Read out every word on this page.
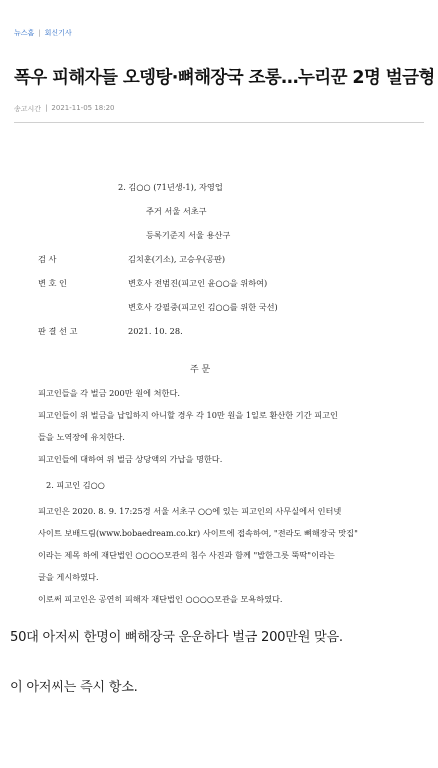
뉴스홈 | 회신기사
폭우 피해자들 오뎅탕·뼈해장국 조롱…누리꾼 2명 벌금형
송고시간 | 2021-11-05 18:20
2. 김○○ (71년생-1), 자영업
주거 서울 서초구
등록기준지 서울 용산구
검 사	김치훈(기소), 고승우(공판)
변 호 인	변호사 전범진(피고인 윤○○을 위하여)
변호사 강필중(피고인 김○○를 위한 국선)
판 결 선 고	2021. 10. 28.
주 문
피고인들을 각 벌금 200만 원에 처한다.
피고인들이 위 벌금을 납입하지 아니할 경우 각 10만 원을 1일로 환산한 기간 피고인
들을 노역장에 유치한다.
피고인들에 대하여 위 벌금 상당액의 가납을 명한다.
2. 피고인 김○○
피고인은 2020. 8. 9. 17:25경 서울 서초구 ○○에 있는 피고인의 사무실에서 인터넷
사이트 보배드림(www.bobaedream.co.kr) 사이트에 접속하여, "전라도 뼈해장국 맛집"
이라는 제목 하에 재단법인 ○○○○모관의 침수 사진과 함께 "밥한그릇 뚝딱"이라는
글을 게시하였다.
이로써 피고인은 공연히 피해자 재단법인 ○○○○모관을 모욕하였다.
50대 아저씨 한명이 뼈해장국 운운하다 벌금 200만원 맞음.
이 아저씨는 즉시 항소.
